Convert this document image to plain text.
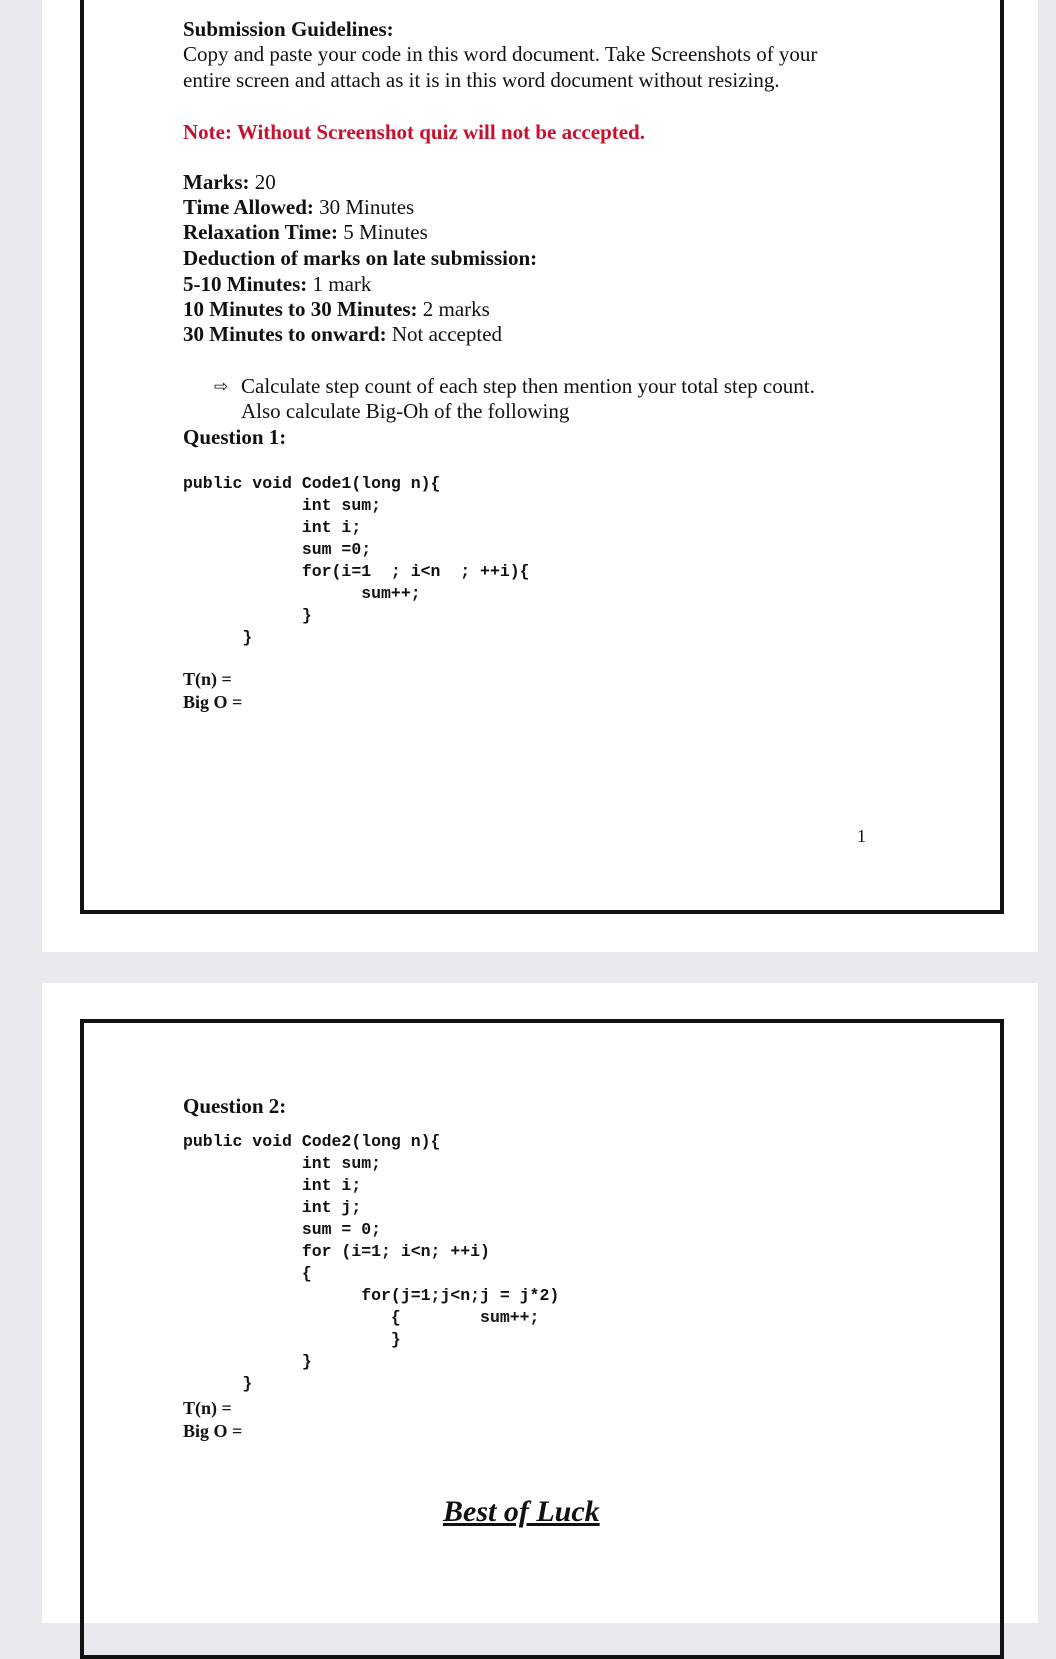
Submission Guidelines:
Copy and paste your code in this word document. Take Screenshots of your
entire screen and attach as it is in this word document without resizing.
Note: Without Screenshot quiz will not be accepted.
Marks: 20
Time Allowed: 30 Minutes
Relaxation Time: 5 Minutes
Deduction of marks on late submission:
5-10 Minutes: 1 mark
10 Minutes to 30 Minutes: 2 marks
30 Minutes to onward: Not accepted
⇨ Calculate step count of each step then mention your total step count.
Also calculate Big-Oh of the following
Question 1:
public void Code1(long n){
int sum;
int i;
sum =0;
for(i=1  ; i<n  ; ++i){
sum++;
}
}
T(n) =
Big O =
1
Question 2:
public void Code2(long n){
int sum;
int i;
int j;
sum = 0;
for (i=1; i<n; ++i)
{
for(j=1;j<n;j = j*2)
{        sum++;
}
}
}
T(n) =
Big O =
Best of Luck
